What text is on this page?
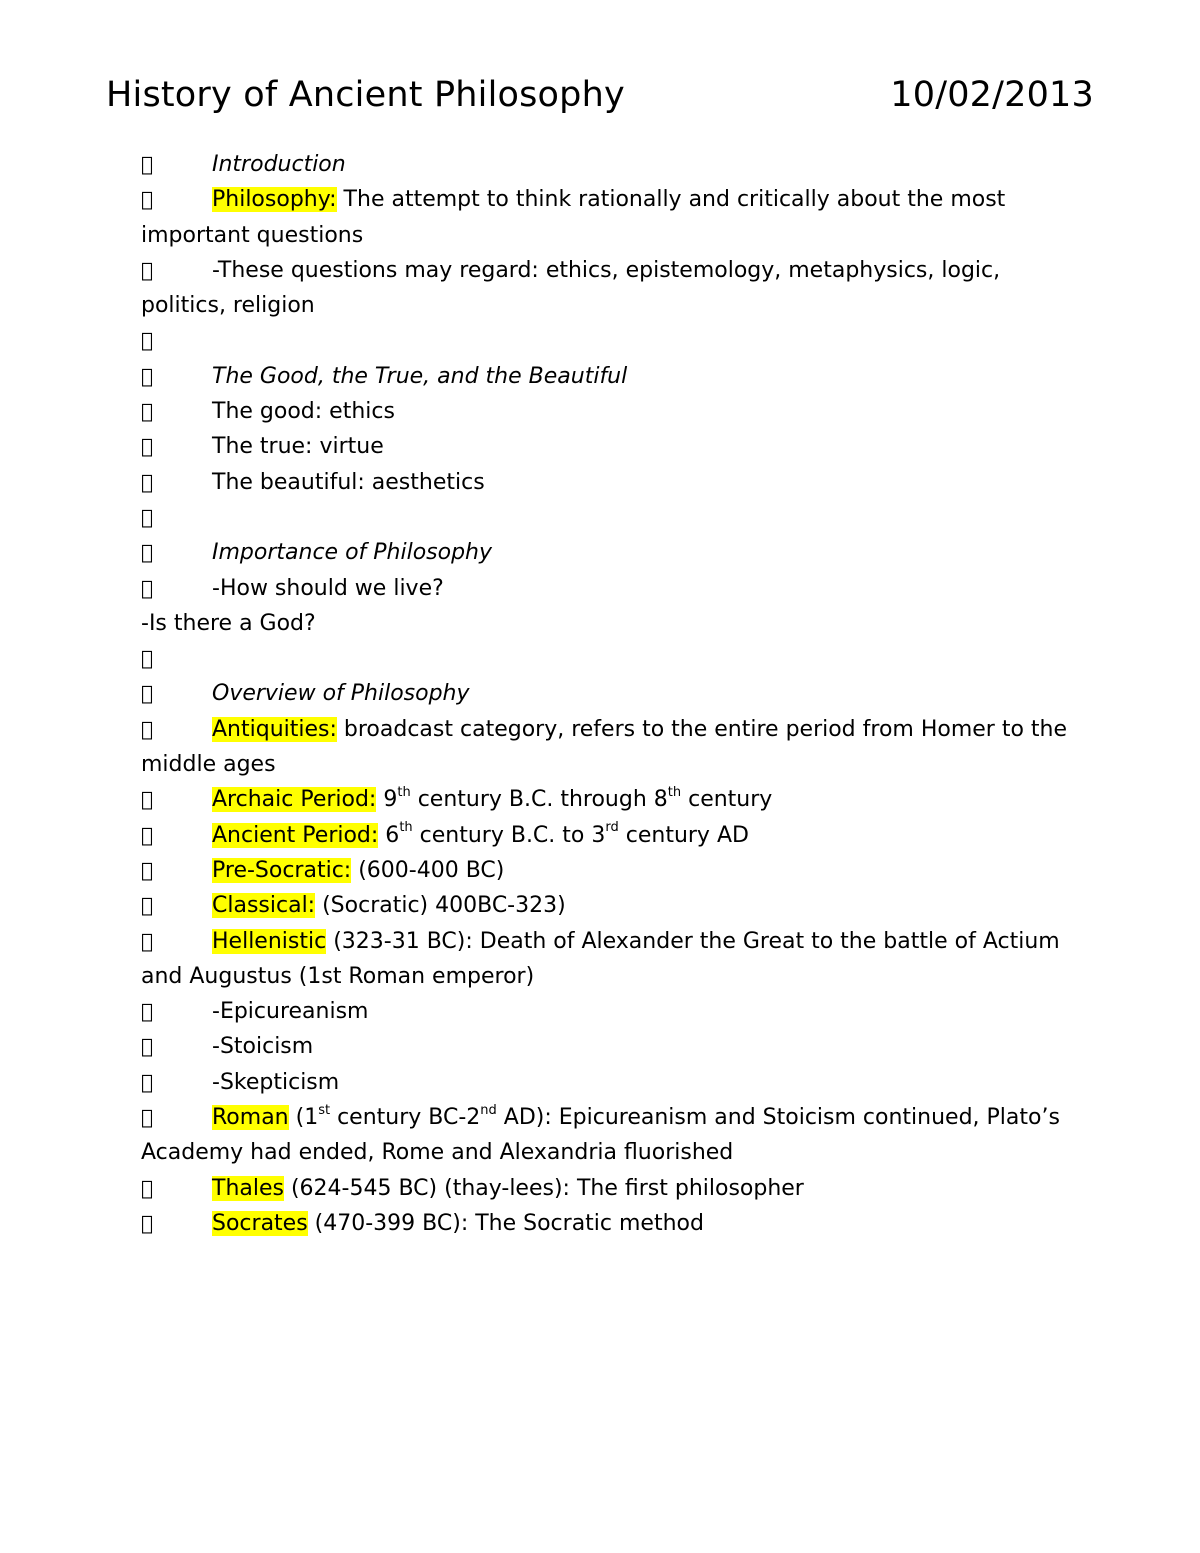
History of Ancient Philosophy	10/02/2013
Introduction
Philosophy: The attempt to think rationally and critically about the most important questions
-These questions may regard: ethics, epistemology, metaphysics, logic, politics, religion
The Good, the True, and the Beautiful
The good: ethics
The true: virtue
The beautiful: aesthetics
Importance of Philosophy
-How should we live?
-Is there a God?
Overview of Philosophy
Antiquities: broadcast category, refers to the entire period from Homer to the middle ages
Archaic Period: 9th century B.C. through 8th century
Ancient Period: 6th century B.C. to 3rd century AD
Pre-Socratic: (600-400 BC)
Classical: (Socratic) 400BC-323)
Hellenistic (323-31 BC): Death of Alexander the Great to the battle of Actium and Augustus (1st Roman emperor)
-Epicureanism
-Stoicism
-Skepticism
Roman (1st century BC-2nd AD): Epicureanism and Stoicism continued, Plato’s Academy had ended, Rome and Alexandria fluorished
Thales (624-545 BC) (thay-lees): The first philosopher
Socrates (470-399 BC): The Socratic method
